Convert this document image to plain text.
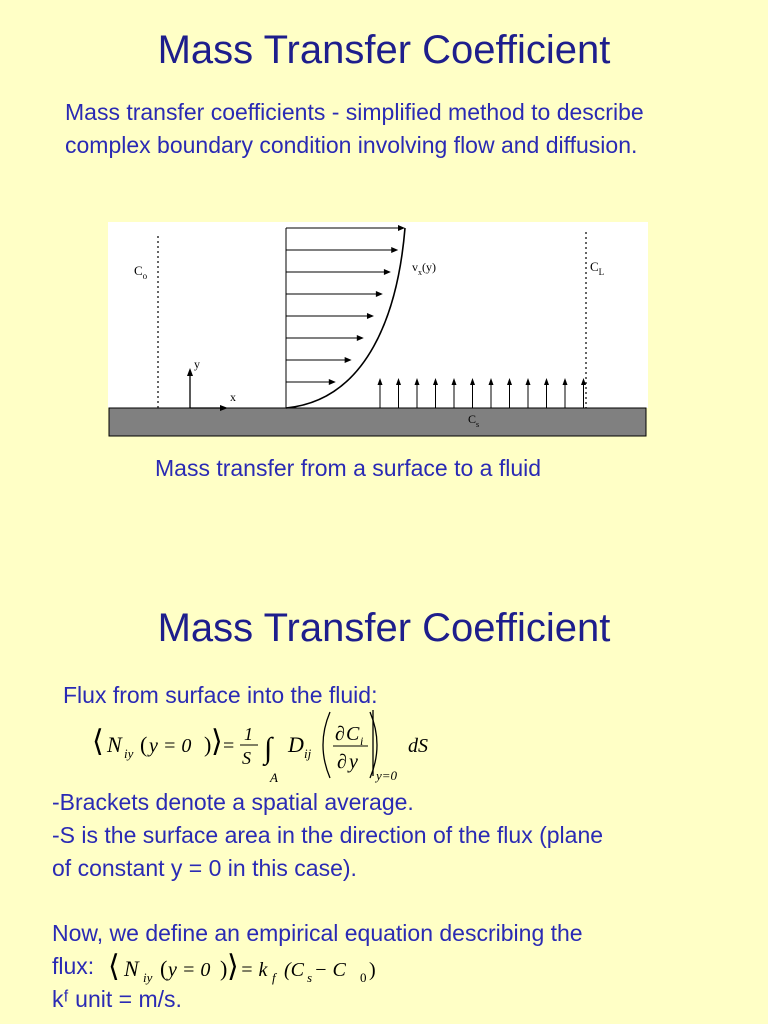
Mass Transfer Coefficient
Mass transfer coefficients - simplified method to describe
complex boundary condition involving flow and diffusion.
$C_o$
$C_L$
$v_x(y)$
y
x
$C_s$
Mass transfer from a surface to a fluid
Mass Transfer Coefficient
Flux from surface into the fluid:
⟨ N iy ( y = 0 ) ⟩ =
1
S ∫
A
D ij
∂ C i
∂ y
y=0
dS
-Brackets denote a spatial average.
-S is the surface area in the direction of the flux (plane
of constant y = 0 in this case).
Now, we define an empirical equation describing the
flux:
kᶠ unit = m/s.
⟨ N iy ( y = 0 ) ⟩ = k f (C s − C 0 )
